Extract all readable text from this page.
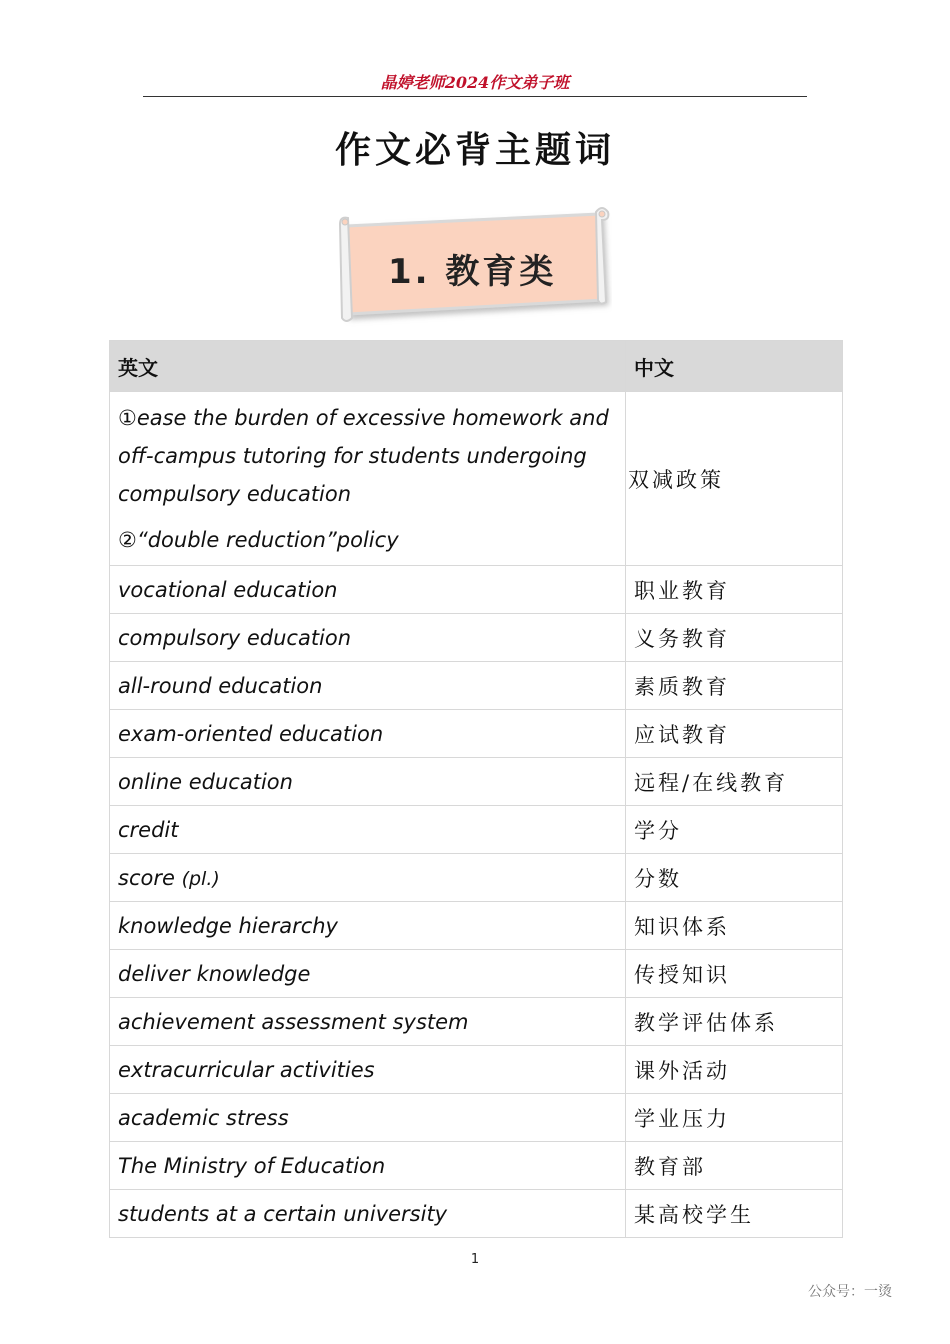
晶婷老师2024作文弟子班
作文必背主题词
1. 教育类
英文	中文

①ease the burden of excessive homework and
off-campus tutoring for students undergoing
compulsory education
②“double reduction”policy	双减政策
vocational education	职业教育
compulsory education	义务教育
all-round education	素质教育
exam-oriented education	应试教育
online education	远程/在线教育
credit	学分
score (pl.)	分数
knowledge hierarchy	知识体系
deliver knowledge	传授知识
achievement assessment system	教学评估体系
extracurricular activities	课外活动
academic stress	学业压力
The Ministry of Education	教育部
students at a certain university	某高校学生
1
公众号：一烫
